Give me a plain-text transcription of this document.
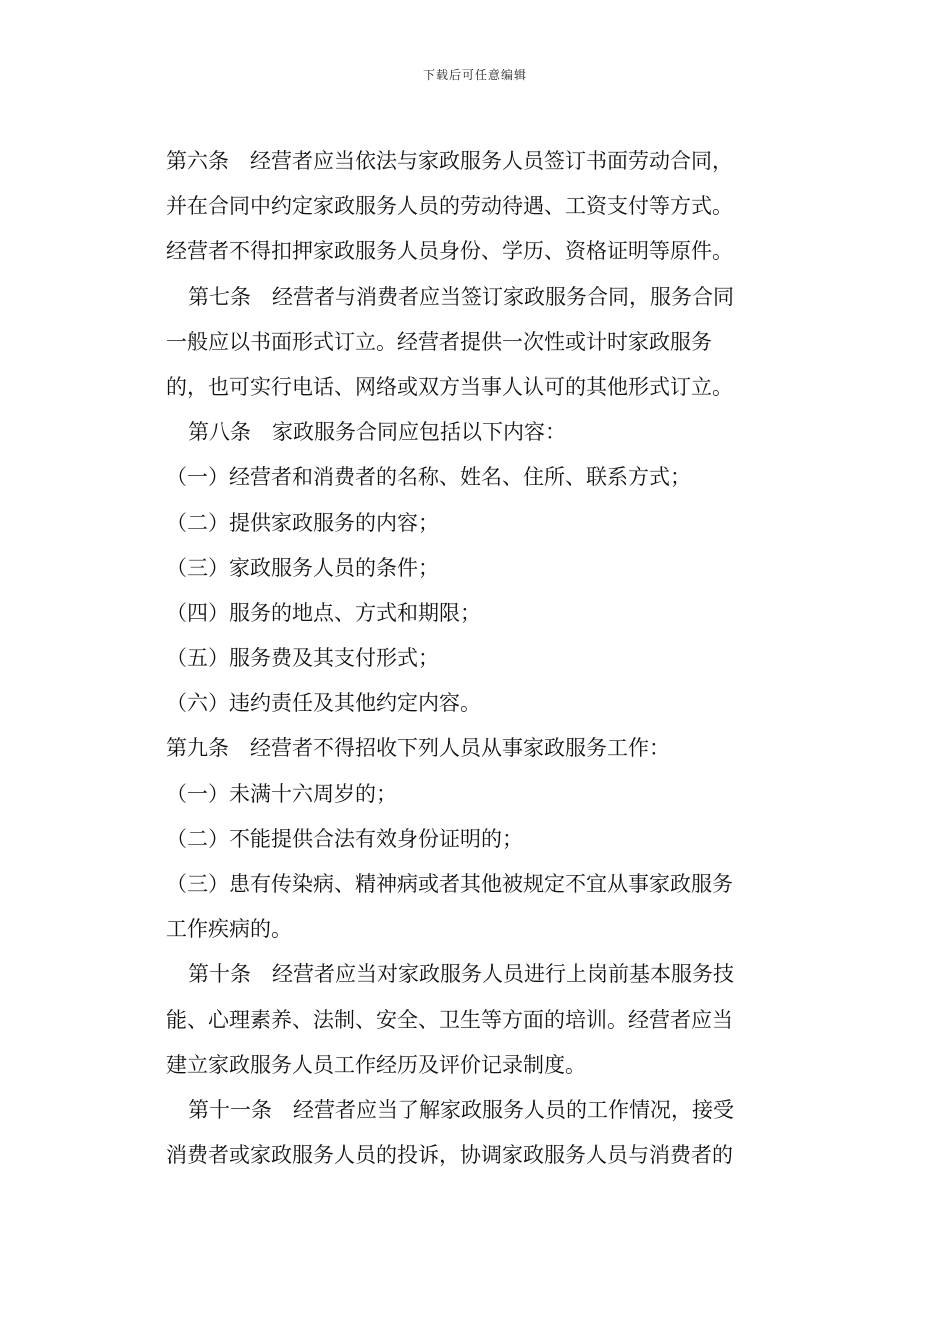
下载后可任意编辑
第六条　经营者应当依法与家政服务人员签订书面劳动合同，
并在合同中约定家政服务人员的劳动待遇、工资支付等方式。
经营者不得扣押家政服务人员身份、学历、资格证明等原件。
第七条　经营者与消费者应当签订家政服务合同，服务合同
一般应以书面形式订立。经营者提供一次性或计时家政服务
的，也可实行电话、网络或双方当事人认可的其他形式订立。
第八条　家政服务合同应包括以下内容：
（一）经营者和消费者的名称、姓名、住所、联系方式；
（二）提供家政服务的内容；
（三）家政服务人员的条件；
（四）服务的地点、方式和期限；
（五）服务费及其支付形式；
（六）违约责任及其他约定内容。
第九条　经营者不得招收下列人员从事家政服务工作：
（一）未满十六周岁的；
（二）不能提供合法有效身份证明的；
（三）患有传染病、精神病或者其他被规定不宜从事家政服务
工作疾病的。
第十条　经营者应当对家政服务人员进行上岗前基本服务技
能、心理素养、法制、安全、卫生等方面的培训。经营者应当
建立家政服务人员工作经历及评价记录制度。
第十一条　经营者应当了解家政服务人员的工作情况，接受
消费者或家政服务人员的投诉，协调家政服务人员与消费者的
